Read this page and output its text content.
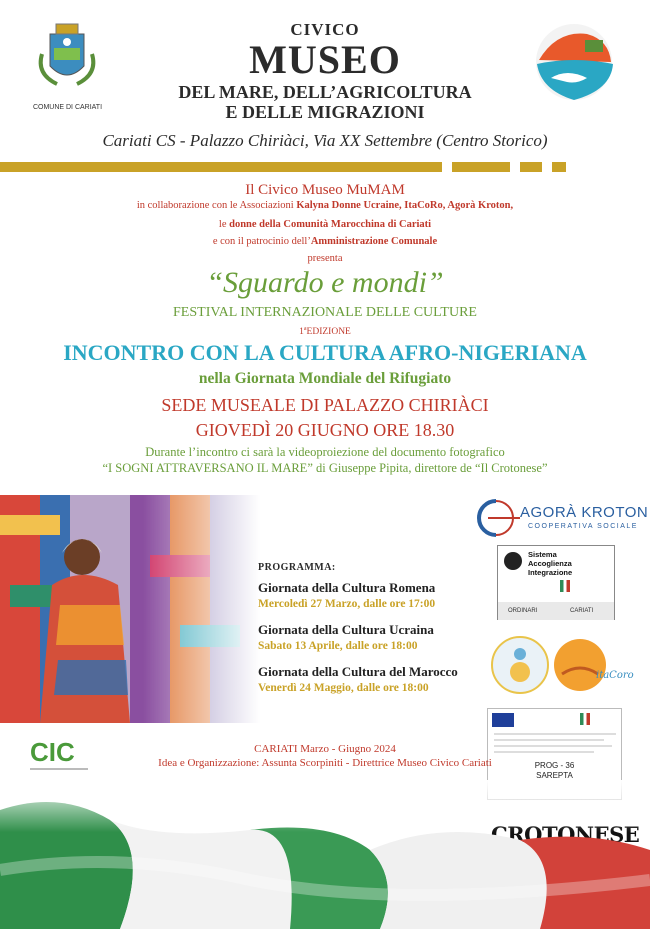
COMUNE DI CARIATI
CIVICO
MUSEO
DEL MARE, DELL’AGRICOLTURA
E DELLE MIGRAZIONI
Cariati CS - Palazzo Chiriàci, Via XX Settembre (Centro Storico)
Il Civico Museo MuMAM
in collaborazione con le Associazioni Kalyna Donne Ucraine, ItaCoRo, Agorà Kroton,
le donne della Comunità Marocchina di Cariati
e con il patrocinio dell’Amministrazione Comunale
presenta
“Sguardo e mondi”
FESTIVAL INTERNAZIONALE DELLE CULTURE
1$^a$EDIZIONE
INCONTRO CON LA CULTURA AFRO-NIGERIANA
nella Giornata Mondiale del Rifugiato
SEDE MUSEALE DI PALAZZO CHIRIÀCI
GIOVEDÌ 20 GIUGNO ORE 18.30
Durante l’incontro ci sarà la videoproiezione del documento fotografico
“I SOGNI ATTRAVERSANO IL MARE” di Giuseppe Pipita, direttore de “Il Crotonese”
PROGRAMMA:
Giornata della Cultura Romena
Mercoledì 27 Marzo, dalle ore 17:00
Giornata della Cultura Ucraina
Sabato 13 Aprile, dalle ore 18:00
Giornata della Cultura del Marocco
Venerdì 24 Maggio, dalle ore 18:00
AGORÀ KROTON
COOPERATIVA SOCIALE
Sistema
Accoglienza
Integrazione
ORDINARI	CARIATI
itaCoro
PROG - 36
SAREPTA
CIC	CARIATI Marzo - Giugno 2024
Idea e Organizzazione: Assunta Scorpiniti - Direttrice Museo Civico Cariati
